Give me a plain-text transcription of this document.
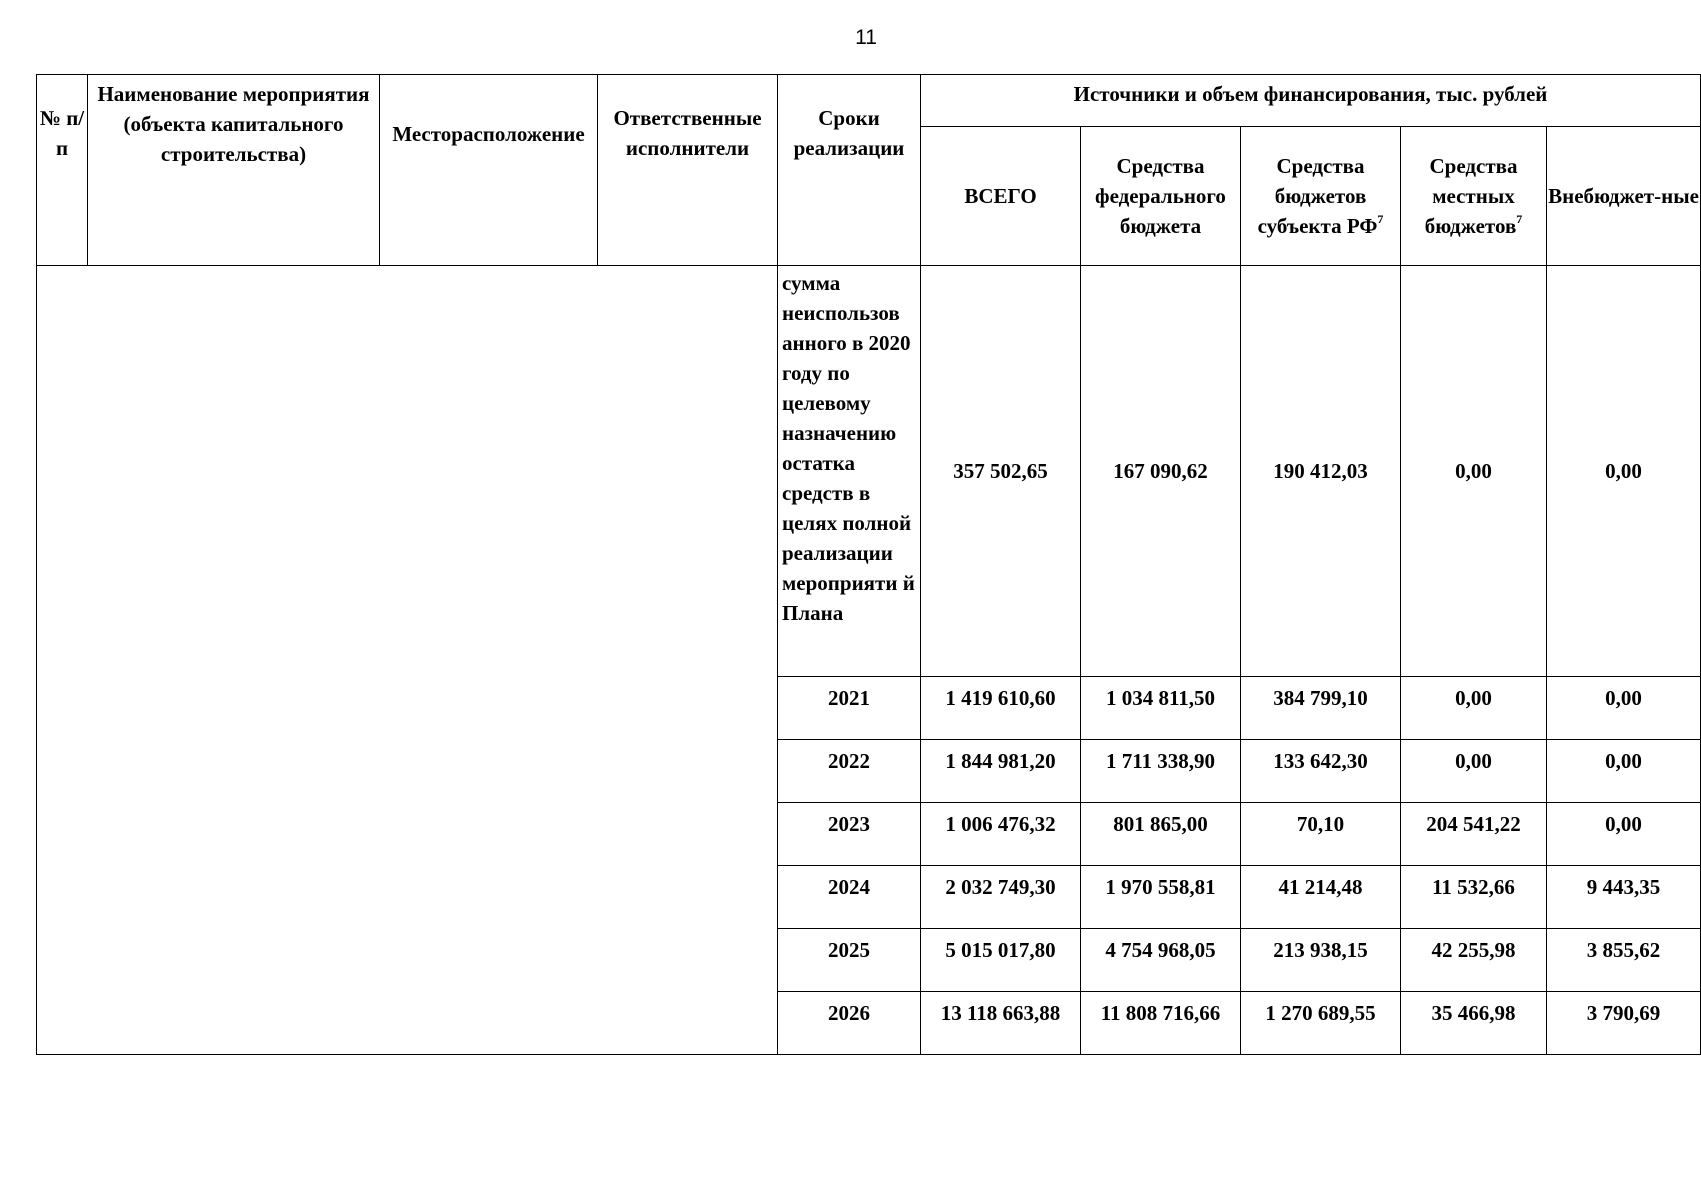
11
№ п/п	Наименование мероприятия (объекта капитального строительства)	Месторасположение	Ответственные исполнители	Сроки реализации	Источники и объем финансирования, тыс. рублей				
					ВСЕГО	Средства федерального бюджета	Средства бюджетов субъекта $РФ^7$	Средства местных бюджетов$^7$	Внебюджет-ные
				сумма неиспользов анного в 2020 году по целевому назначению остатка средств в целях полной реализации мероприяти й Плана	357 502,65	167 090,62	190 412,03	0,00	0,00
				2021	1 419 610,60	1 034 811,50	384 799,10	0,00	0,00
				2022	1 844 981,20	1 711 338,90	133 642,30	0,00	0,00
				2023	1 006 476,32	801 865,00	70,10	204 541,22	0,00
				2024	2 032 749,30	1 970 558,81	41 214,48	11 532,66	9 443,35
				2025	5 015 017,80	4 754 968,05	213 938,15	42 255,98	3 855,62
				2026	13 118 663,88	11 808 716,66	1 270 689,55	35 466,98	3 790,69
